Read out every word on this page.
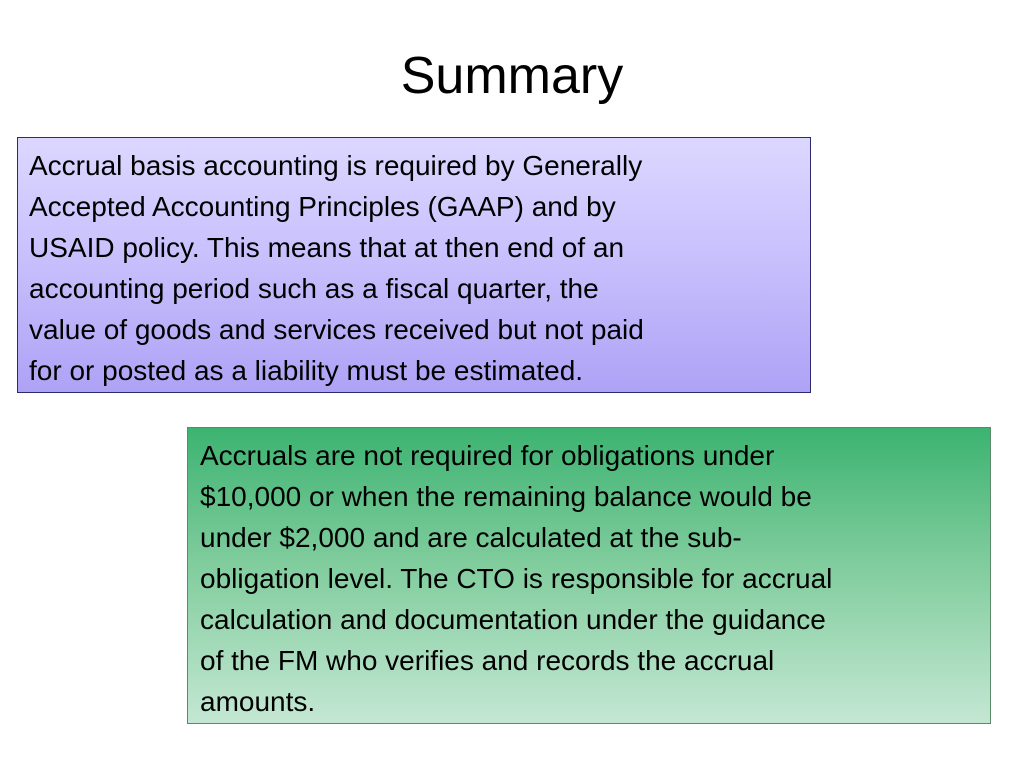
Summary
Accrual basis accounting is required by Generally
Accepted Accounting Principles (GAAP) and by
USAID policy. This means that at then end of an
accounting period such as a fiscal quarter, the
value of goods and services received but not paid
for or posted as a liability must be estimated.
Accruals are not required for obligations under
$10,000 or when the remaining balance would be
under $2,000 and are calculated at the sub-
obligation level. The CTO is responsible for accrual
calculation and documentation under the guidance
of the FM who verifies and records the accrual
amounts.
